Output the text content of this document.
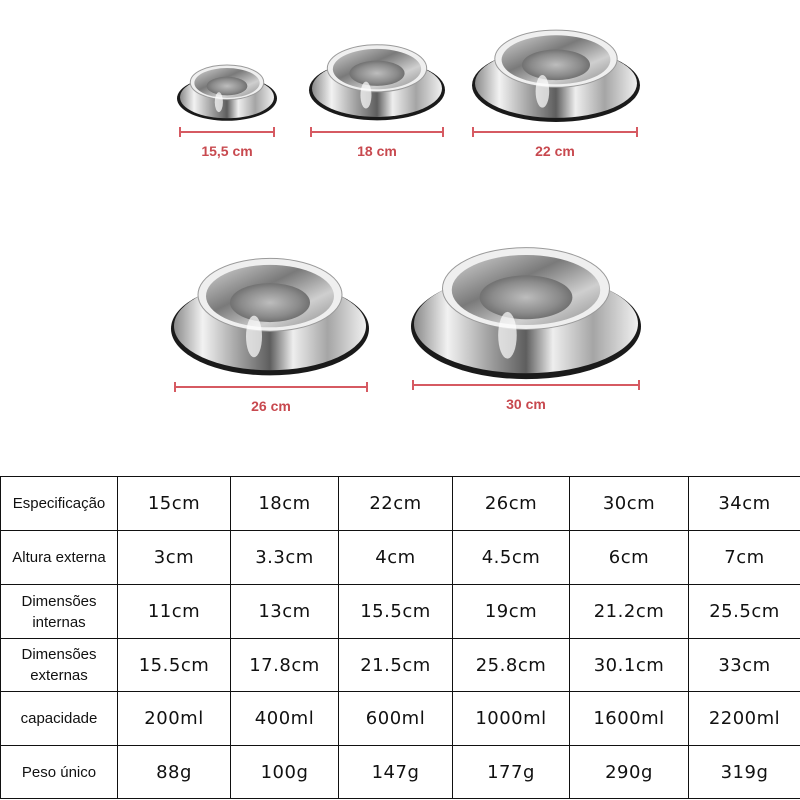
15,5 cm	18 cm	22 cm
26 cm	30 cm
Especificação	15cm	18cm	22cm	26cm	30cm	34cm
Altura externa	3cm	3.3cm	4cm	4.5cm	6cm	7cm
Dimensões internas	11cm	13cm	15.5cm	19cm	21.2cm	25.5cm
Dimensões externas	15.5cm	17.8cm	21.5cm	25.8cm	30.1cm	33cm
capacidade	200ml	400ml	600ml	1000ml	1600ml	2200ml
Peso único	88g	100g	147g	177g	290g	319g
